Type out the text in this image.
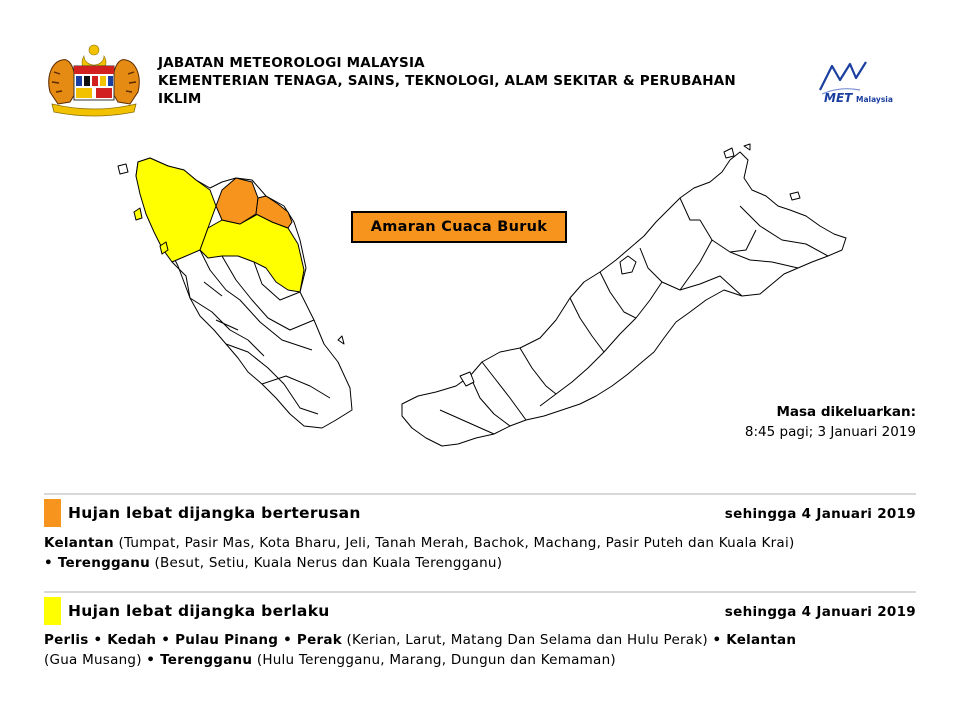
JABATAN METEOROLOGI MALAYSIA
KEMENTERIAN TENAGA, SAINS, TEKNOLOGI, ALAM SEKITAR & PERUBAHAN
IKLIM	MET Malaysia
Amaran Cuaca Buruk
Masa dikeluarkan:
8:45 pagi; 3 Januari 2019
Hujan lebat dijangka berterusan	sehingga 4 Januari 2019
Kelantan (Tumpat, Pasir Mas, Kota Bharu, Jeli, Tanah Merah, Bachok, Machang, Pasir Puteh dan Kuala Krai)
• Terengganu (Besut, Setiu, Kuala Nerus dan Kuala Terengganu)
Hujan lebat dijangka berlaku	sehingga 4 Januari 2019
Perlis • Kedah • Pulau Pinang • Perak (Kerian, Larut, Matang Dan Selama dan Hulu Perak) • Kelantan
(Gua Musang) • Terengganu (Hulu Terengganu, Marang, Dungun dan Kemaman)
